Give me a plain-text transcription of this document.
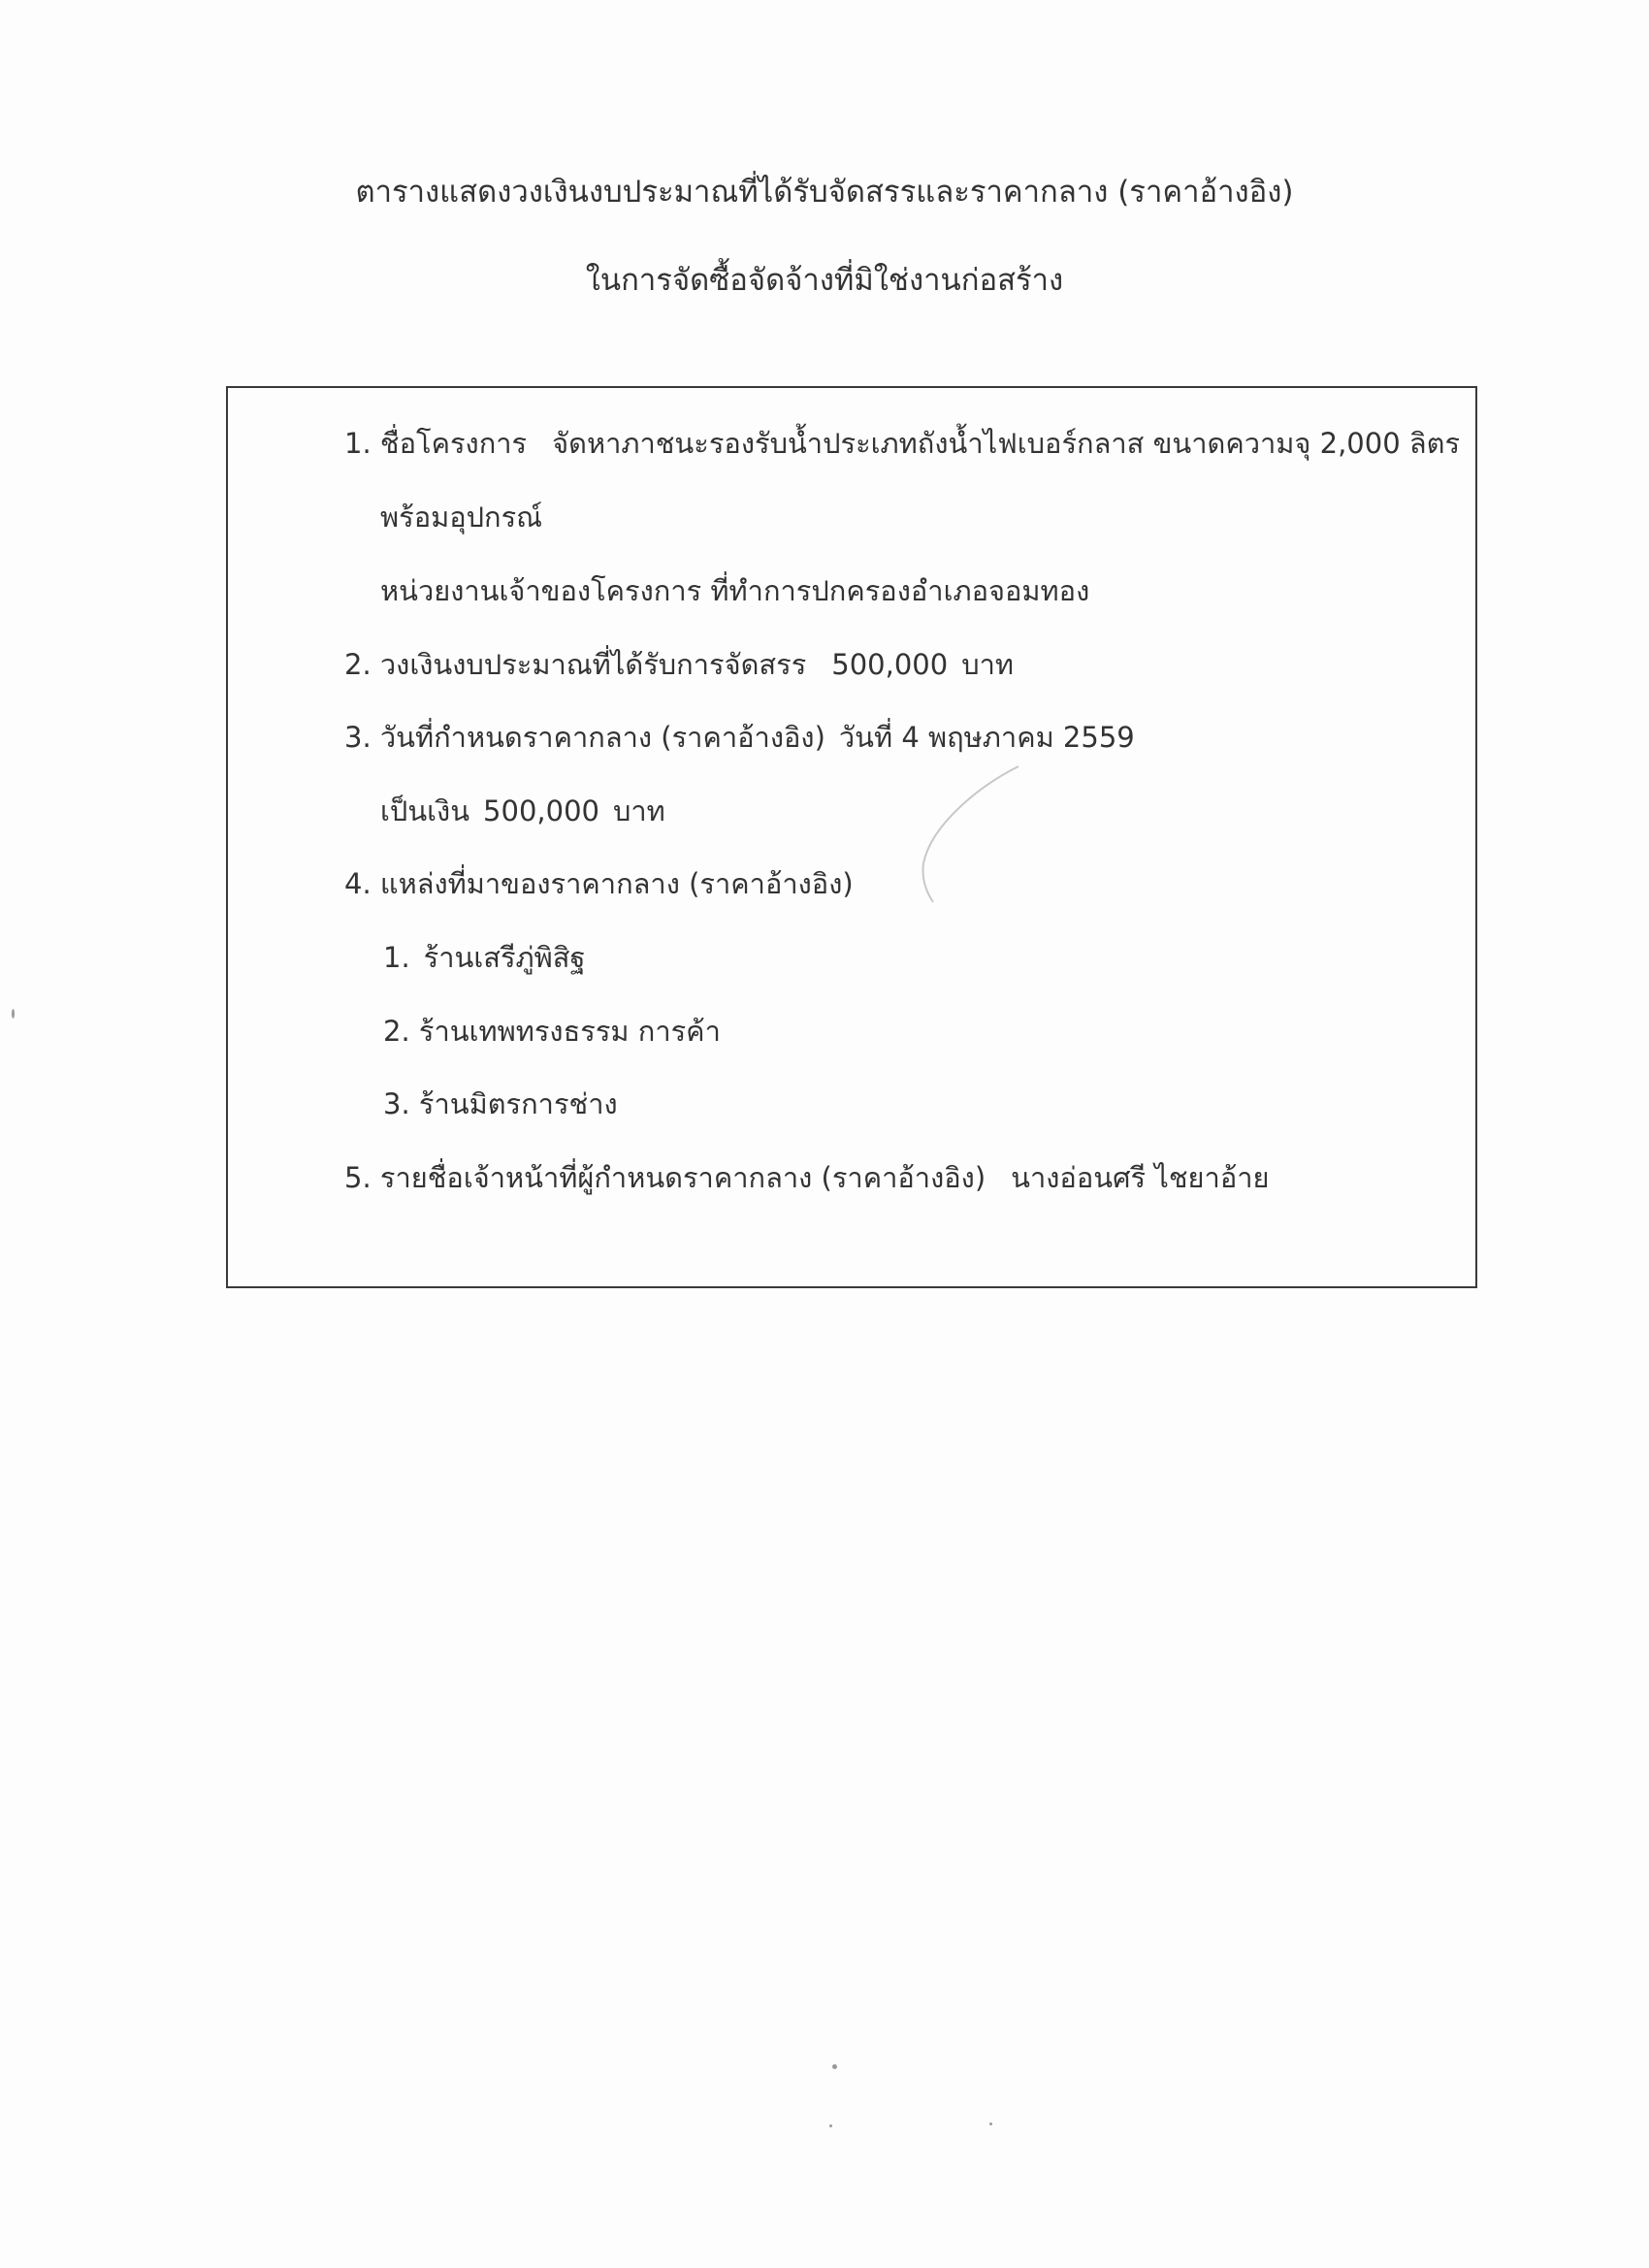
ตารางแสดงวงเงินงบประมาณที่ได้รับจัดสรรและราคากลาง (ราคาอ้างอิง)
ในการจัดซื้อจัดจ้างที่มิใช่งานก่อสร้าง
1. ชื่อโครงการ จัดหาภาชนะรองรับน้ำประเภทถังน้ำไฟเบอร์กลาส ขนาดความจุ 2,000 ลิตร
พร้อมอุปกรณ์
หน่วยงานเจ้าของโครงการ ที่ทำการปกครองอำเภอจอมทอง
2. วงเงินงบประมาณที่ได้รับการจัดสรร 500,000 บาท
3. วันที่กำหนดราคากลาง (ราคาอ้างอิง) วันที่ 4 พฤษภาคม 2559
เป็นเงิน 500,000 บาท
4. แหล่งที่มาของราคากลาง (ราคาอ้างอิง)
1. ร้านเสรีภู่พิสิฐ
2. ร้านเทพทรงธรรม การค้า
3. ร้านมิตรการช่าง
5. รายชื่อเจ้าหน้าที่ผู้กำหนดราคากลาง (ราคาอ้างอิง) นางอ่อนศรี ไชยาอ้าย
